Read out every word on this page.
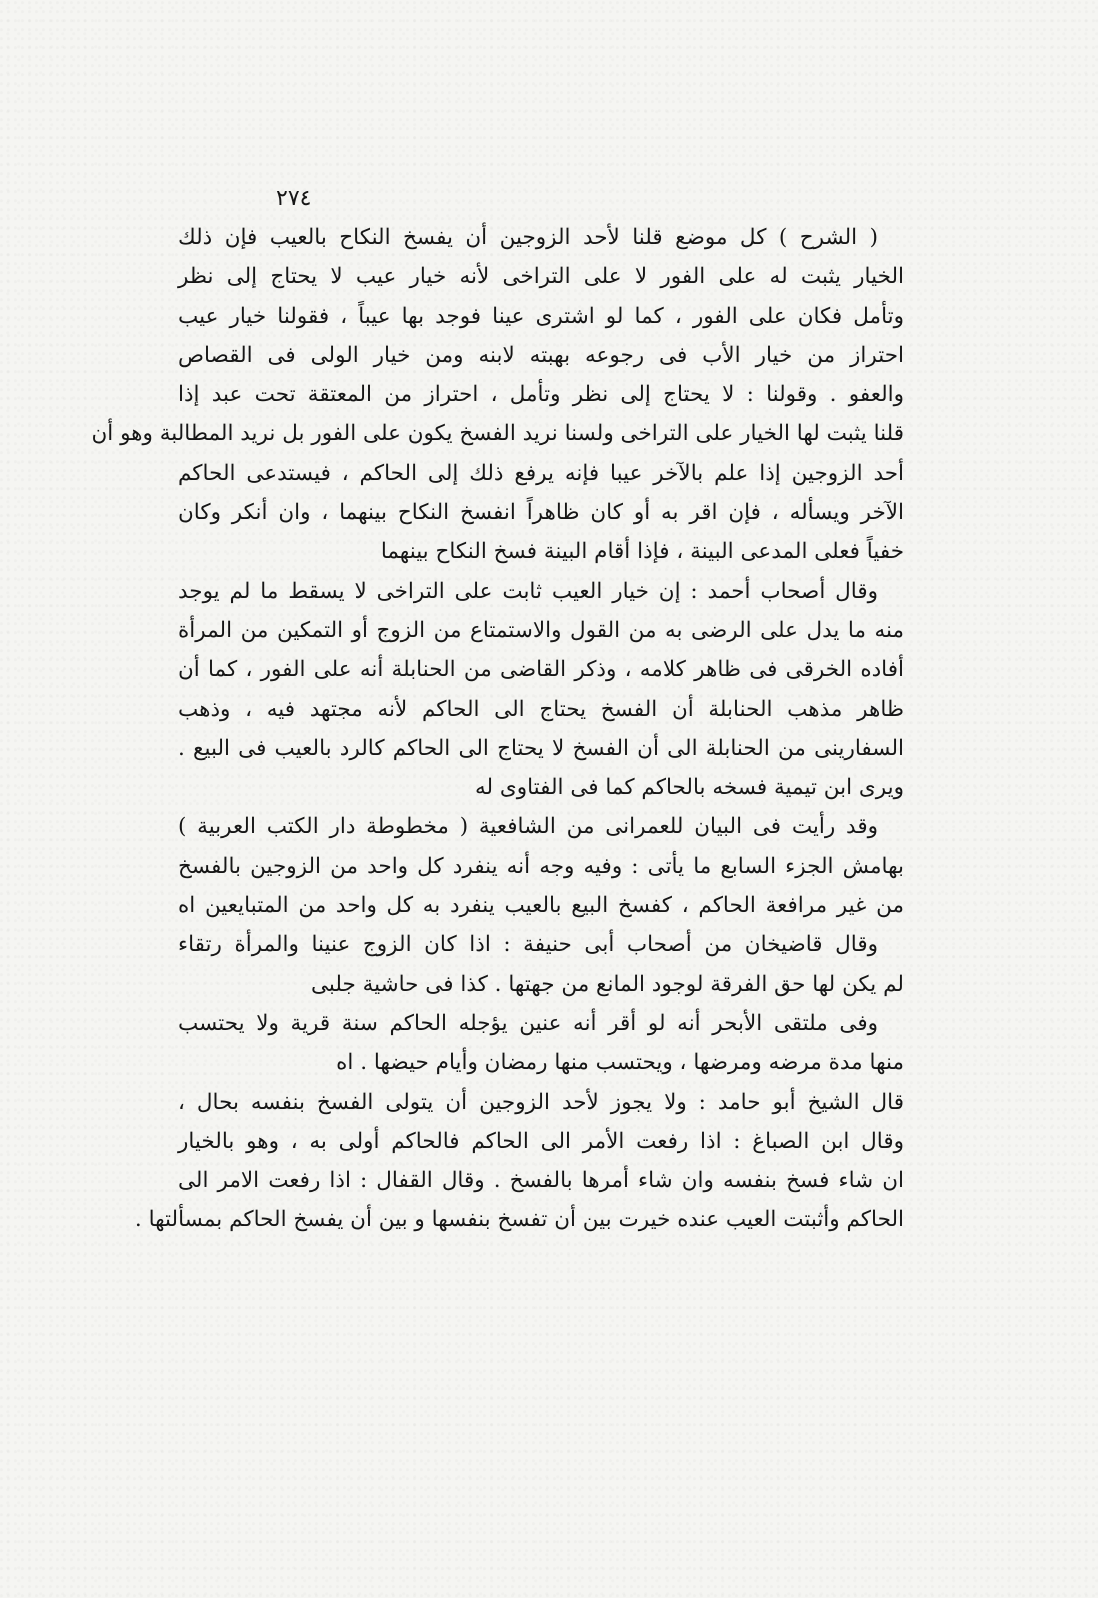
٢٧٤
( الشرح ) كل موضع قلنا لأحد الزوجين أن يفسخ النكاح بالعيب فإن ذلك
الخيار يثبت له على الفور لا على التراخى لأنه خيار عيب لا يحتاج إلى نظر
وتأمل فكان على الفور ، كما لو اشترى عينا فوجد بها عيباً ، فقولنا خيار عيب
احتراز من خيار الأب فى رجوعه بهبته لابنه ومن خيار الولى فى القصاص
والعفو . وقولنا : لا يحتاج إلى نظر وتأمل ، احتراز من المعتقة تحت عبد إذا
قلنا يثبت لها الخيار على التراخى ولسنا نريد الفسخ يكون على الفور بل نريد المطالبة وهو أن
أحد الزوجين إذا علم بالآخر عيبا فإنه يرفع ذلك إلى الحاكم ، فيستدعى الحاكم
الآخر ويسأله ، فإن اقر به أو كان ظاهراً انفسخ النكاح بينهما ، وان أنكر وكان
خفياً فعلى المدعى البينة ، فإذا أقام البينة فسخ النكاح بينهما
وقال أصحاب أحمد : إن خيار العيب ثابت على التراخى لا يسقط ما لم يوجد
منه ما يدل على الرضى به من القول والاستمتاع من الزوج أو التمكين من المرأة
أفاده الخرقى فى ظاهر كلامه ، وذكر القاضى من الحنابلة أنه على الفور ، كما أن
ظاهر مذهب الحنابلة أن الفسخ يحتاج الى الحاكم لأنه مجتهد فيه ، وذهب
السفارينى من الحنابلة الى أن الفسخ لا يحتاج الى الحاكم كالرد بالعيب فى البيع .
ويرى ابن تيمية فسخه بالحاكم كما فى الفتاوى له
وقد رأيت فى البيان للعمرانى من الشافعية ( مخطوطة دار الكتب العربية )
بهامش الجزء السابع ما يأتى : وفيه وجه أنه ينفرد كل واحد من الزوجين بالفسخ
من غير مرافعة الحاكم ، كفسخ البيع بالعيب ينفرد به كل واحد من المتبايعين اه
وقال قاضيخان من أصحاب أبى حنيفة : اذا كان الزوج عنينا والمرأة رتقاء
لم يكن لها حق الفرقة لوجود المانع من جهتها . كذا فى حاشية جلبى
وفى ملتقى الأبحر أنه لو أقر أنه عنين يؤجله الحاكم سنة قرية ولا يحتسب
منها مدة مرضه ومرضها ، ويحتسب منها رمضان وأيام حيضها . اه
قال الشيخ أبو حامد : ولا يجوز لأحد الزوجين أن يتولى الفسخ بنفسه بحال ،
وقال ابن الصباغ : اذا رفعت الأمر الى الحاكم فالحاكم أولى به ، وهو بالخيار
ان شاء فسخ بنفسه وان شاء أمرها بالفسخ . وقال القفال : اذا رفعت الامر الى
الحاكم وأثبتت العيب عنده خيرت بين أن تفسخ بنفسها و بين أن يفسخ الحاكم بمسألتها .
